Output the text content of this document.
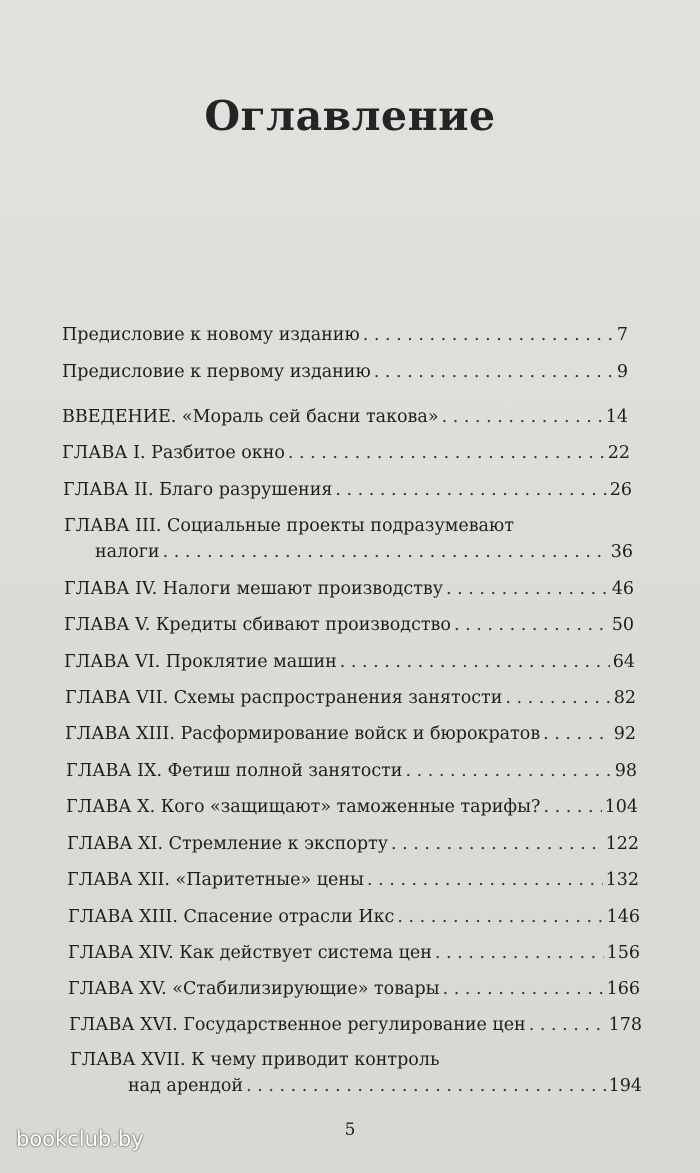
Оглавление
Предисловие к новому изданию . . .	7
Предисловие к первому изданию . . .	9
ВВЕДЕНИЕ. «Мораль сей басни такова» . . .	14
ГЛАВА I. Разбитое окно . . .	22
ГЛАВА II. Благо разрушения . . .	26
ГЛАВА III. Социальные проекты подразумевают
налоги . . .	36
ГЛАВА IV. Налоги мешают производству . . .	46
ГЛАВА V. Кредиты сбивают производство . . .	50
ГЛАВА VI. Проклятие машин . . .	64
ГЛАВА VII. Схемы распространения занятости . . .	82
ГЛАВА XIII. Расформирование войск и бюрократов . . .	92
ГЛАВА IX. Фетиш полной занятости . . .	98
ГЛАВА X. Кого «защищают» таможенные тарифы? . . .	104
ГЛАВА XI. Стремление к экспорту . . .	122
ГЛАВА XII. «Паритетные» цены . . .	132
ГЛАВА XIII. Спасение отрасли Икс . . .	146
ГЛАВА XIV. Как действует система цен . . .	156
ГЛАВА XV. «Стабилизирующие» товары . . .	166
ГЛАВА XVI. Государственное регулирование цен . . .	178
ГЛАВА XVII. К чему приводит контроль
над арендой . . .	194
5
bookclub.by
